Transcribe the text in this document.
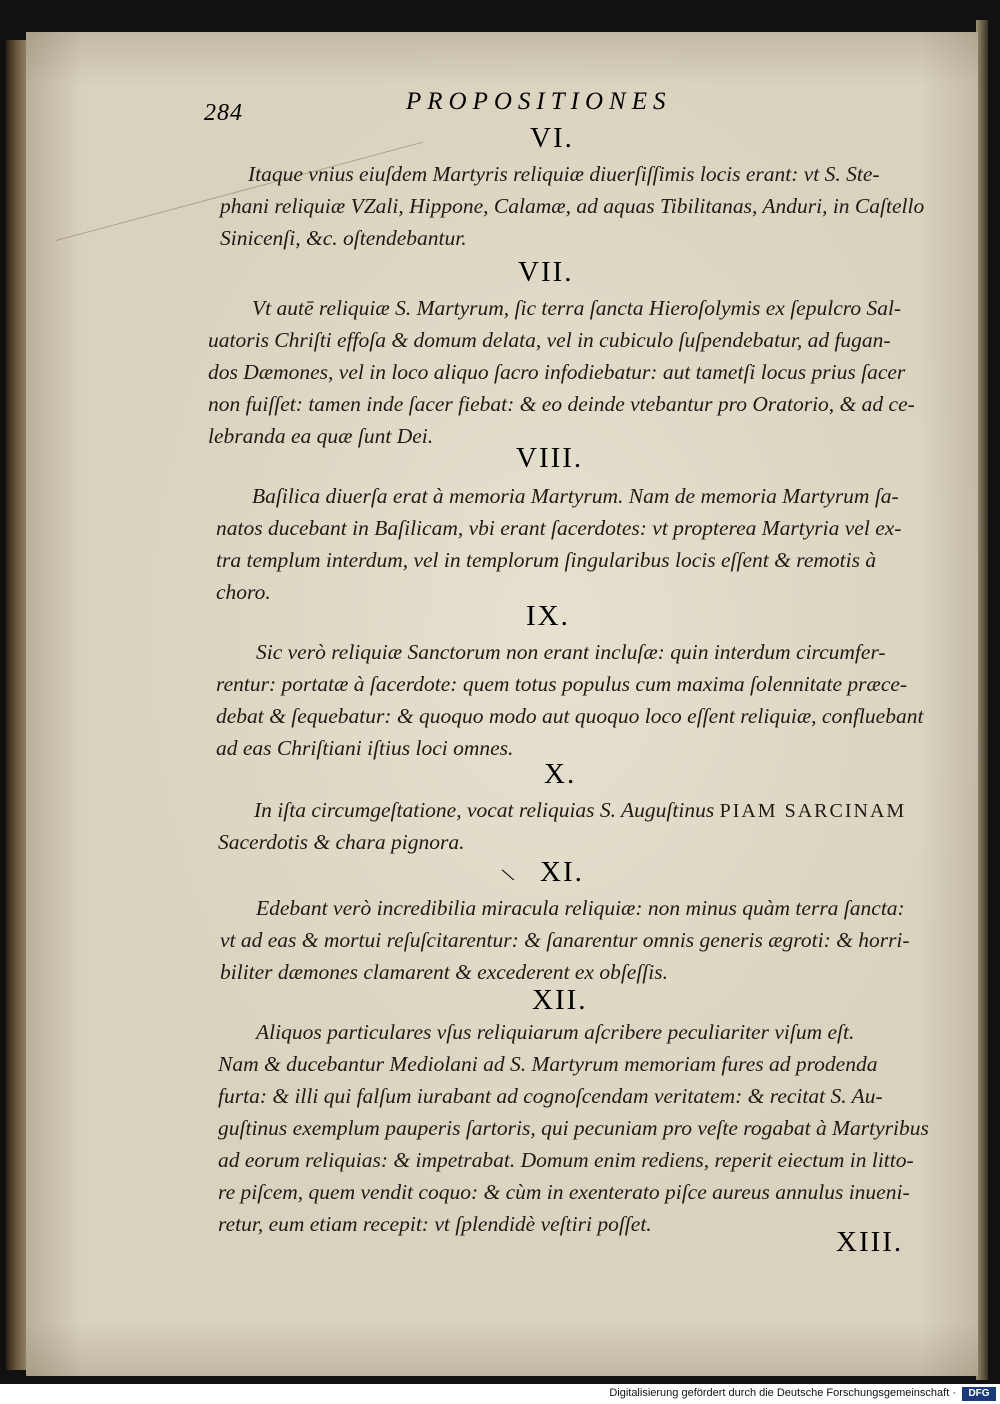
284	PROPOSITIONES
VI.
Itaque vnius eiuſdem Martyris reliquiæ diuerſiſſimis locis erant: vt S. Ste-
phani reliquiæ VZali, Hippone, Calamæ, ad aquas Tibilitanas, Anduri, in Caſtello
Sinicenſi, &c. oſtendebantur.
VII.
Vt autē reliquiæ S. Martyrum, ſic terra ſancta Hieroſolymis ex ſepulcro Sal-
uatoris Chriſti effoſa & domum delata, vel in cubiculo ſuſpendebatur, ad fugan-
dos Dæmones, vel in loco aliquo ſacro infodiebatur: aut tametſi locus prius ſacer
non fuiſſet: tamen inde ſacer fiebat: & eo deinde vtebantur pro Oratorio, & ad ce-
lebranda ea quæ ſunt Dei.
VIII.
Baſilica diuerſa erat à memoria Martyrum. Nam de memoria Martyrum ſa-
natos ducebant in Baſilicam, vbi erant ſacerdotes: vt propterea Martyria vel ex-
tra templum interdum, vel in templorum ſingularibus locis eſſent & remotis à
choro.
IX.
Sic verò reliquiæ Sanctorum non erant incluſæ: quin interdum circumfer-
rentur: portatæ à ſacerdote: quem totus populus cum maxima ſolennitate præce-
debat & ſequebatur: & quoquo modo aut quoquo loco eſſent reliquiæ, confluebant
ad eas Chriſtiani iſtius loci omnes.
X.
In iſta circumgeſtatione, vocat reliquias S. Auguſtinus PIAM SARCINAM
Sacerdotis & chara pignora.
\ XI.
Edebant verò incredibilia miracula reliquiæ: non minus quàm terra ſancta:
vt ad eas & mortui reſuſcitarentur: & ſanarentur omnis generis ægroti: & horri-
biliter dæmones clamarent & excederent ex obſeſſis.
XII.
Aliquos particulares vſus reliquiarum aſcribere peculiariter viſum eſt.
Nam & ducebantur Mediolani ad S. Martyrum memoriam fures ad prodenda
furta: & illi qui falſum iurabant ad cognoſcendam veritatem: & recitat S. Au-
guſtinus exemplum pauperis ſartoris, qui pecuniam pro veſte rogabat à Martyribus
ad eorum reliquias: & impetrabat. Domum enim rediens, reperit eiectum in litto-
re piſcem, quem vendit coquo: & cùm in exenterato piſce aureus annulus inueni-
retur, eum etiam recepit: vt ſplendidè veſtiri poſſet.
XIII.
Digitalisierung gefördert durch die Deutsche Forschungsgemeinschaft ·	DFG
